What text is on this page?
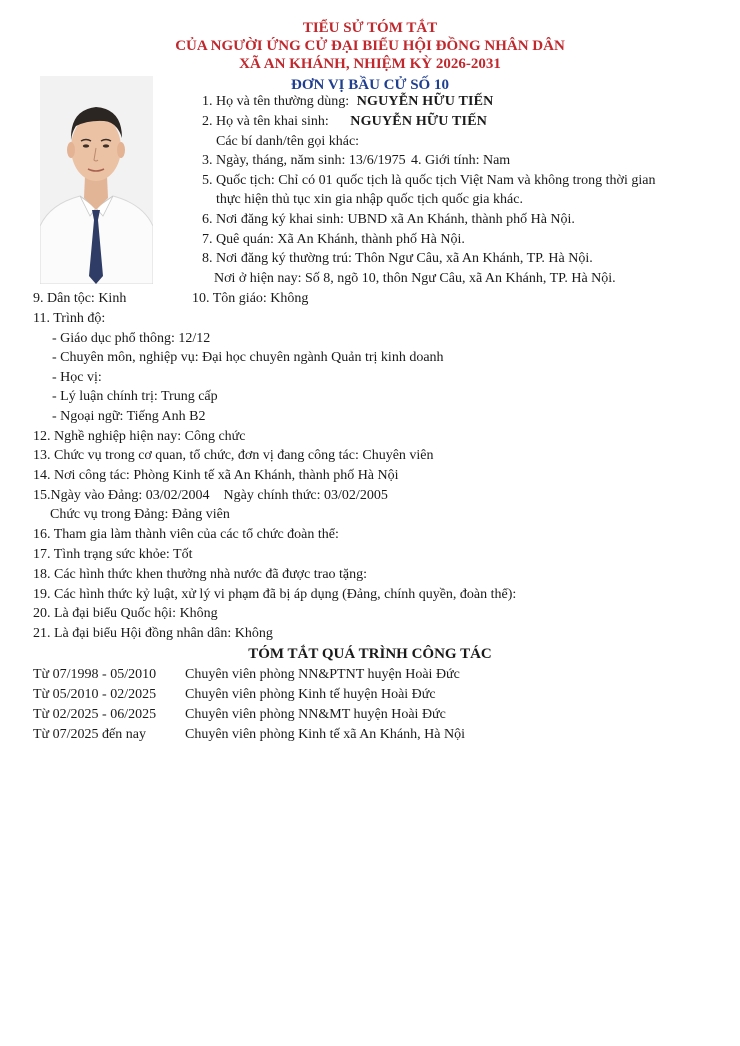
TIỂU SỬ TÓM TẮT
CỦA NGƯỜI ỨNG CỬ ĐẠI BIỂU HỘI ĐỒNG NHÂN DÂN
XÃ AN KHÁNH, NHIỆM KỲ 2026-2031
ĐƠN VỊ BẦU CỬ SỐ 10
1. Họ và tên thường dùng: NGUYỄN HỮU TIẾN
2. Họ và tên khai sinh: NGUYỄN HỮU TIẾN
Các bí danh/tên gọi khác:
3. Ngày, tháng, năm sinh: 13/6/1975 4. Giới tính: Nam
5. Quốc tịch: Chỉ có 01 quốc tịch là quốc tịch Việt Nam và không trong thời gian
thực hiện thủ tục xin gia nhập quốc tịch quốc gia khác.
6. Nơi đăng ký khai sinh: UBND xã An Khánh, thành phố Hà Nội.
7. Quê quán: Xã An Khánh, thành phố Hà Nội.
8. Nơi đăng ký thường trú: Thôn Ngư Câu, xã An Khánh, TP. Hà Nội.
Nơi ở hiện nay: Số 8, ngõ 10, thôn Ngư Câu, xã An Khánh, TP. Hà Nội.
9. Dân tộc: Kinh	10. Tôn giáo: Không
11. Trình độ:
- Giáo dục phổ thông: 12/12
- Chuyên môn, nghiệp vụ: Đại học chuyên ngành Quản trị kinh doanh
- Học vị:
- Lý luận chính trị: Trung cấp
- Ngoại ngữ: Tiếng Anh B2
12. Nghề nghiệp hiện nay: Công chức
13. Chức vụ trong cơ quan, tổ chức, đơn vị đang công tác: Chuyên viên
14. Nơi công tác: Phòng Kinh tế xã An Khánh, thành phố Hà Nội
15.Ngày vào Đảng: 03/02/2004    Ngày chính thức: 03/02/2005
Chức vụ trong Đảng: Đảng viên
16. Tham gia làm thành viên của các tổ chức đoàn thể:
17. Tình trạng sức khỏe: Tốt
18. Các hình thức khen thưởng nhà nước đã được trao tặng:
19. Các hình thức kỷ luật, xử lý vi phạm đã bị áp dụng (Đảng, chính quyền, đoàn thể):
20. Là đại biểu Quốc hội: Không
21. Là đại biểu Hội đồng nhân dân: Không
TÓM TẮT QUÁ TRÌNH CÔNG TÁC
Từ 07/1998 - 05/2010 Chuyên viên phòng NN&PTNT huyện Hoài Đức
Từ 05/2010 - 02/2025 Chuyên viên phòng Kinh tế huyện Hoài Đức
Từ 02/2025 - 06/2025 Chuyên viên phòng NN&MT huyện Hoài Đức
Từ 07/2025 đến nay	Chuyên viên phòng Kinh tế xã An Khánh, Hà Nội
